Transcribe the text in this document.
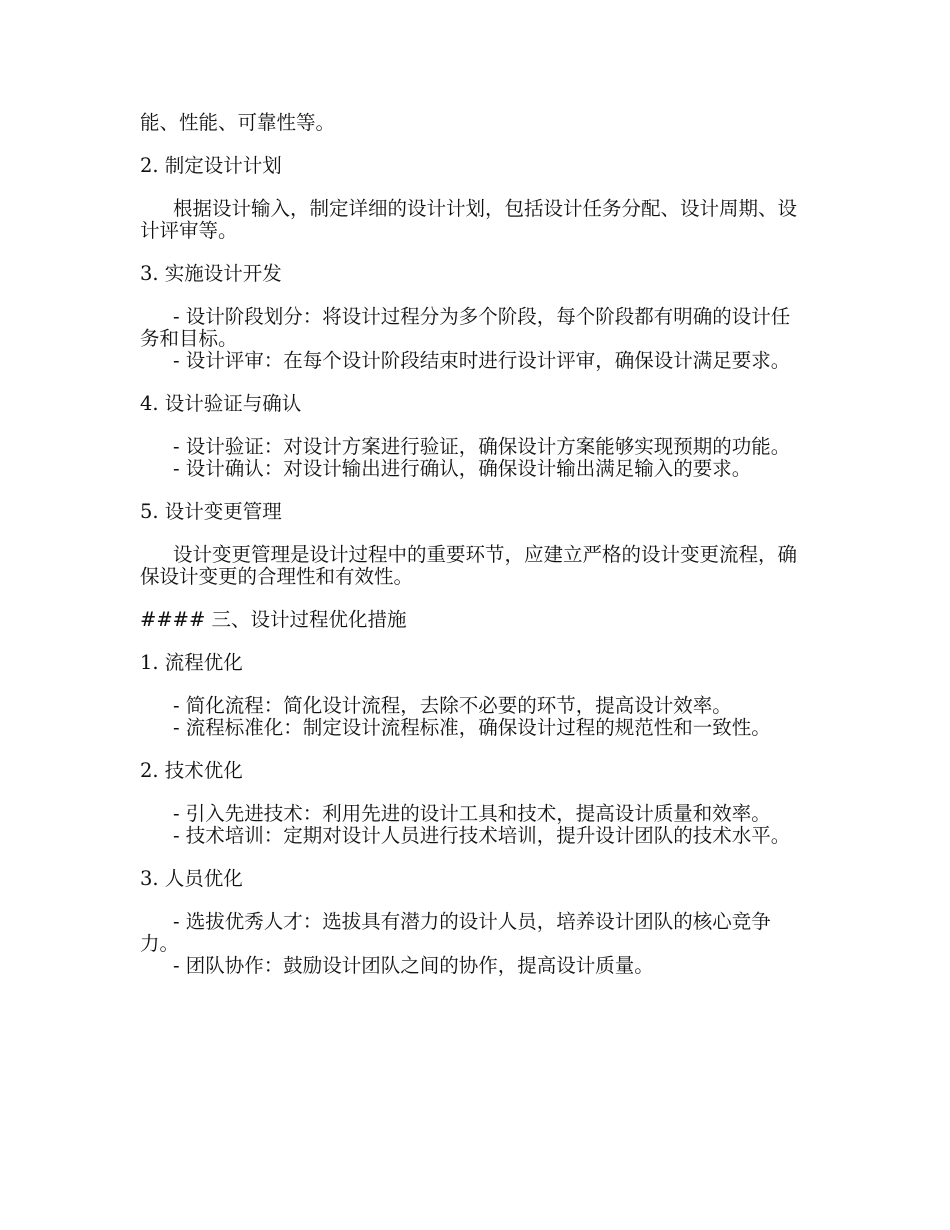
能、性能、可靠性等。

2. 制定设计计划

根据设计输入，制定详细的设计计划，包括设计任务分配、设计周期、设计评审等。

3. 实施设计开发

- 设计阶段划分：将设计过程分为多个阶段，每个阶段都有明确的设计任务和目标。

- 设计评审：在每个设计阶段结束时进行设计评审，确保设计满足要求。

4. 设计验证与确认

- 设计验证：对设计方案进行验证，确保设计方案能够实现预期的功能。

- 设计确认：对设计输出进行确认，确保设计输出满足输入的要求。

5. 设计变更管理

设计变更管理是设计过程中的重要环节，应建立严格的设计变更流程，确保设计变更的合理性和有效性。

#### 三、设计过程优化措施

1. 流程优化

- 简化流程：简化设计流程，去除不必要的环节，提高设计效率。

- 流程标准化：制定设计流程标准，确保设计过程的规范性和一致性。

2. 技术优化

- 引入先进技术：利用先进的设计工具和技术，提高设计质量和效率。

- 技术培训：定期对设计人员进行技术培训，提升设计团队的技术水平。

3. 人员优化

- 选拔优秀人才：选拔具有潜力的设计人员，培养设计团队的核心竞争力。

- 团队协作：鼓励设计团队之间的协作，提高设计质量。
